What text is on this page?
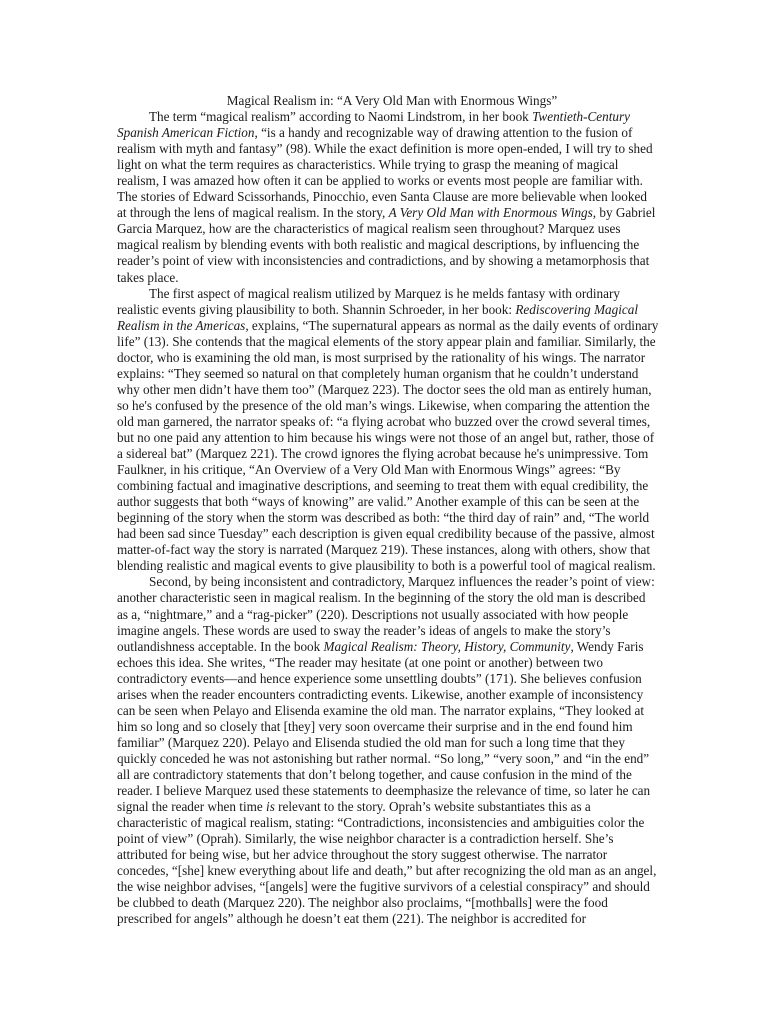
Magical Realism in: “A Very Old Man with Enormous Wings”

The term “magical realism” according to Naomi Lindstrom, in her book Twentieth-Century Spanish American Fiction, “is a handy and recognizable way of drawing attention to the fusion of realism with myth and fantasy” (98). While the exact definition is more open-ended, I will try to shed light on what the term requires as characteristics. While trying to grasp the meaning of magical realism, I was amazed how often it can be applied to works or events most people are familiar with. The stories of Edward Scissorhands, Pinocchio, even Santa Clause are more believable when looked at through the lens of magical realism. In the story, A Very Old Man with Enormous Wings, by Gabriel Garcia Marquez, how are the characteristics of magical realism seen throughout? Marquez uses magical realism by blending events with both realistic and magical descriptions, by influencing the reader’s point of view with inconsistencies and contradictions, and by showing a metamorphosis that takes place.

The first aspect of magical realism utilized by Marquez is he melds fantasy with ordinary realistic events giving plausibility to both. Shannin Schroeder, in her book: Rediscovering Magical Realism in the Americas, explains, “The supernatural appears as normal as the daily events of ordinary life” (13). She contends that the magical elements of the story appear plain and familiar. Similarly, the doctor, who is examining the old man, is most surprised by the rationality of his wings. The narrator explains: “They seemed so natural on that completely human organism that he couldn’t understand why other men didn’t have them too” (Marquez 223). The doctor sees the old man as entirely human, so he's confused by the presence of the old man’s wings. Likewise, when comparing the attention the old man garnered, the narrator speaks of: “a flying acrobat who buzzed over the crowd several times, but no one paid any attention to him because his wings were not those of an angel but, rather, those of a sidereal bat” (Marquez 221). The crowd ignores the flying acrobat because he's unimpressive. Tom Faulkner, in his critique, “An Overview of a Very Old Man with Enormous Wings” agrees: “By combining factual and imaginative descriptions, and seeming to treat them with equal credibility, the author suggests that both “ways of knowing” are valid.” Another example of this can be seen at the beginning of the story when the storm was described as both: “the third day of rain” and, “The world had been sad since Tuesday” each description is given equal credibility because of the passive, almost matter-of-fact way the story is narrated (Marquez 219). These instances, along with others, show that blending realistic and magical events to give plausibility to both is a powerful tool of magical realism.

Second, by being inconsistent and contradictory, Marquez influences the reader’s point of view: another characteristic seen in magical realism. In the beginning of the story the old man is described as a, “nightmare,” and a “rag-picker” (220). Descriptions not usually associated with how people imagine angels. These words are used to sway the reader’s ideas of angels to make the story’s outlandishness acceptable. In the book Magical Realism: Theory, History, Community, Wendy Faris echoes this idea. She writes, “The reader may hesitate (at one point or another) between two contradictory events—and hence experience some unsettling doubts” (171). She believes confusion arises when the reader encounters contradicting events. Likewise, another example of inconsistency can be seen when Pelayo and Elisenda examine the old man. The narrator explains, “They looked at him so long and so closely that [they] very soon overcame their surprise and in the end found him familiar” (Marquez 220). Pelayo and Elisenda studied the old man for such a long time that they quickly conceded he was not astonishing but rather normal. “So long,” “very soon,” and “in the end” all are contradictory statements that don’t belong together, and cause confusion in the mind of the reader. I believe Marquez used these statements to deemphasize the relevance of time, so later he can signal the reader when time is relevant to the story. Oprah’s website substantiates this as a characteristic of magical realism, stating: “Contradictions, inconsistencies and ambiguities color the point of view” (Oprah). Similarly, the wise neighbor character is a contradiction herself. She’s attributed for being wise, but her advice throughout the story suggest otherwise. The narrator concedes, “[she] knew everything about life and death,” but after recognizing the old man as an angel, the wise neighbor advises, “[angels] were the fugitive survivors of a celestial conspiracy” and should be clubbed to death (Marquez 220). The neighbor also proclaims, “[mothballs] were the food prescribed for angels” although he doesn’t eat them (221). The neighbor is accredited for
